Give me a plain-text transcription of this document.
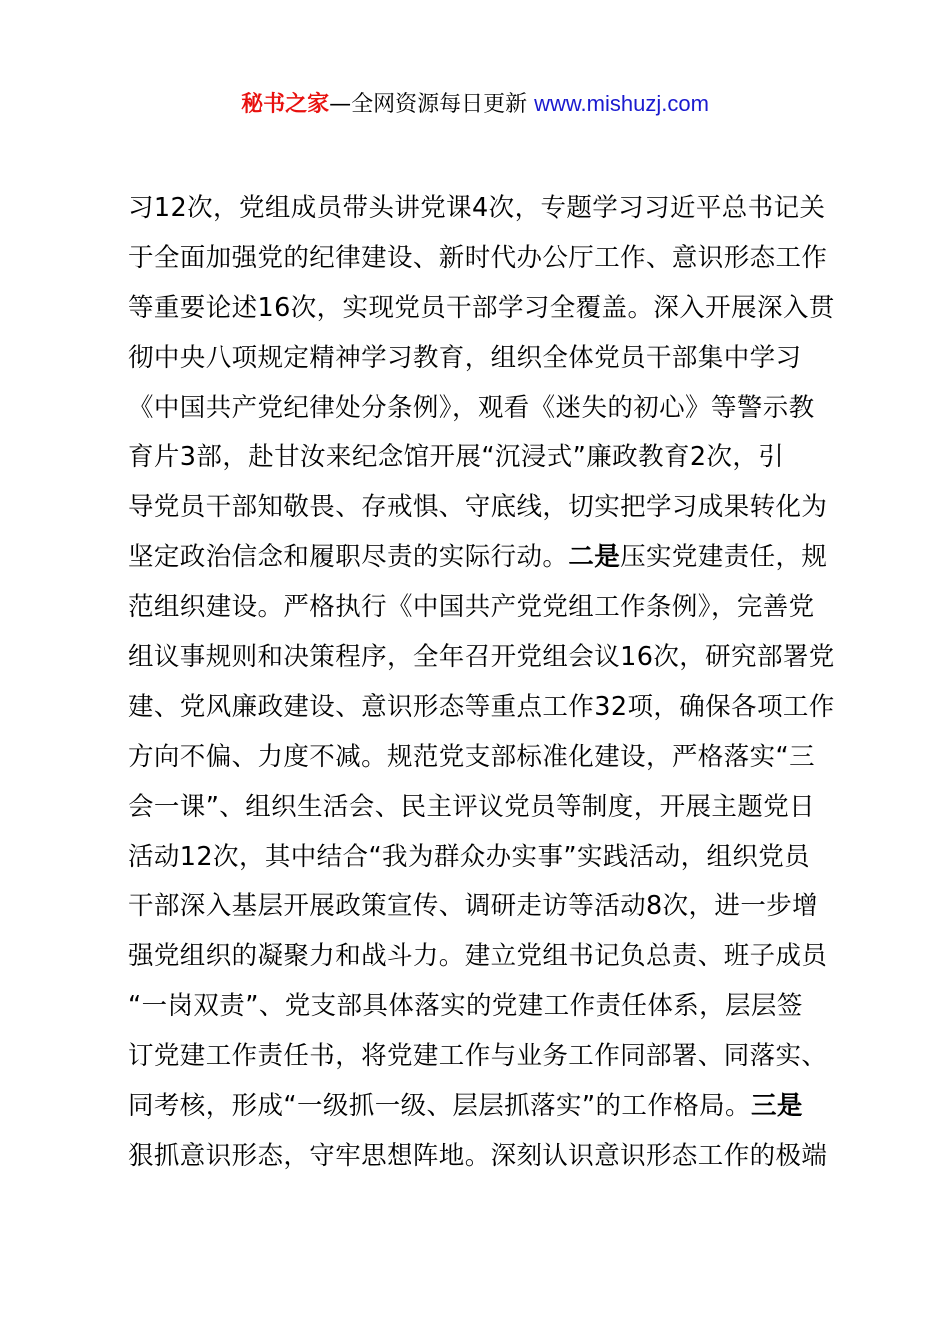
秘书之家—全网资源每日更新 www.mishuzj.com
习12次，党组成员带头讲党课4次，专题学习习近平总书记关
于全面加强党的纪律建设、新时代办公厅工作、意识形态工作
等重要论述16次，实现党员干部学习全覆盖。深入开展深入贯
彻中央八项规定精神学习教育，组织全体党员干部集中学习
《中国共产党纪律处分条例》，观看《迷失的初心》等警示教
育片3部，赴甘汝来纪念馆开展“沉浸式”廉政教育2次，引
导党员干部知敬畏、存戒惧、守底线，切实把学习成果转化为
坚定政治信念和履职尽责的实际行动。二是压实党建责任，规
范组织建设。严格执行《中国共产党党组工作条例》，完善党
组议事规则和决策程序，全年召开党组会议16次，研究部署党
建、党风廉政建设、意识形态等重点工作32项，确保各项工作
方向不偏、力度不减。规范党支部标准化建设，严格落实“三
会一课”、组织生活会、民主评议党员等制度，开展主题党日
活动12次，其中结合“我为群众办实事”实践活动，组织党员
干部深入基层开展政策宣传、调研走访等活动8次，进一步增
强党组织的凝聚力和战斗力。建立党组书记负总责、班子成员
“一岗双责”、党支部具体落实的党建工作责任体系，层层签
订党建工作责任书，将党建工作与业务工作同部署、同落实、
同考核，形成“一级抓一级、层层抓落实”的工作格局。三是
狠抓意识形态，守牢思想阵地。深刻认识意识形态工作的极端
